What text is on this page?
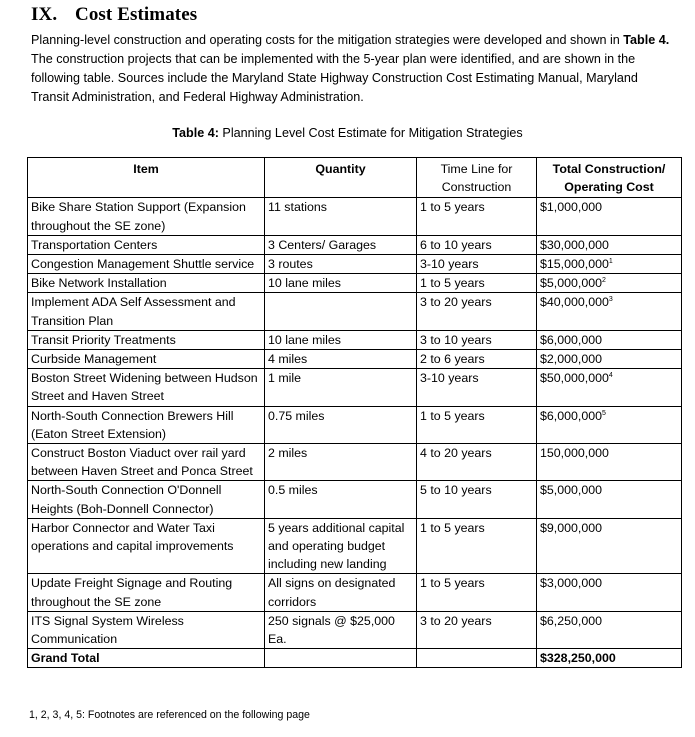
IX. Cost Estimates

Planning-level construction and operating costs for the mitigation strategies were developed and shown in Table 4. The construction projects that can be implemented with the 5-year plan were identified, and are shown in the following table. Sources include the Maryland State Highway Construction Cost Estimating Manual, Maryland Transit Administration, and Federal Highway Administration.

Table 4: Planning Level Cost Estimate for Mitigation Strategies
Item	Quantity	Time Line for Construction	Total Construction/ Operating Cost
Bike Share Station Support (Expansion throughout the SE zone)	11 stations	1 to 5 years	$1,000,000
Transportation Centers	3 Centers/ Garages	6 to 10 years	$30,000,000
Congestion Management Shuttle service	3 routes	3-10 years	$15,000,000$^1$
Bike Network Installation	10 lane miles	1 to 5 years	$5,000,000$^2$
Implement ADA Self Assessment and Transition Plan		3 to 20 years	$40,000,000$^3$
Transit Priority Treatments	10 lane miles	3 to 10 years	$6,000,000
Curbside Management	4 miles	2 to 6 years	$2,000,000
Boston Street Widening between Hudson Street and Haven Street	1 mile	3-10 years	$50,000,000$^4$
North-South Connection Brewers Hill (Eaton Street Extension)	0.75 miles	1 to 5 years	$6,000,000$^5$
Construct Boston Viaduct over rail yard between Haven Street and Ponca Street	2 miles	4 to 20 years	150,000,000
North-South Connection O'Donnell Heights (Boh-Donnell Connector)	0.5 miles	5 to 10 years	$5,000,000
Harbor Connector and Water Taxi operations and capital improvements	5 years additional capital and operating budget including new landing	1 to 5 years	$9,000,000
Update Freight Signage and Routing throughout the SE zone	All signs on designated corridors	1 to 5 years	$3,000,000
ITS Signal System Wireless Communication	250 signals @ $25,000 Ea.	3 to 20 years	$6,250,000
Grand Total			$328,250,000
1, 2, 3, 4, 5: Footnotes are referenced on the following page
